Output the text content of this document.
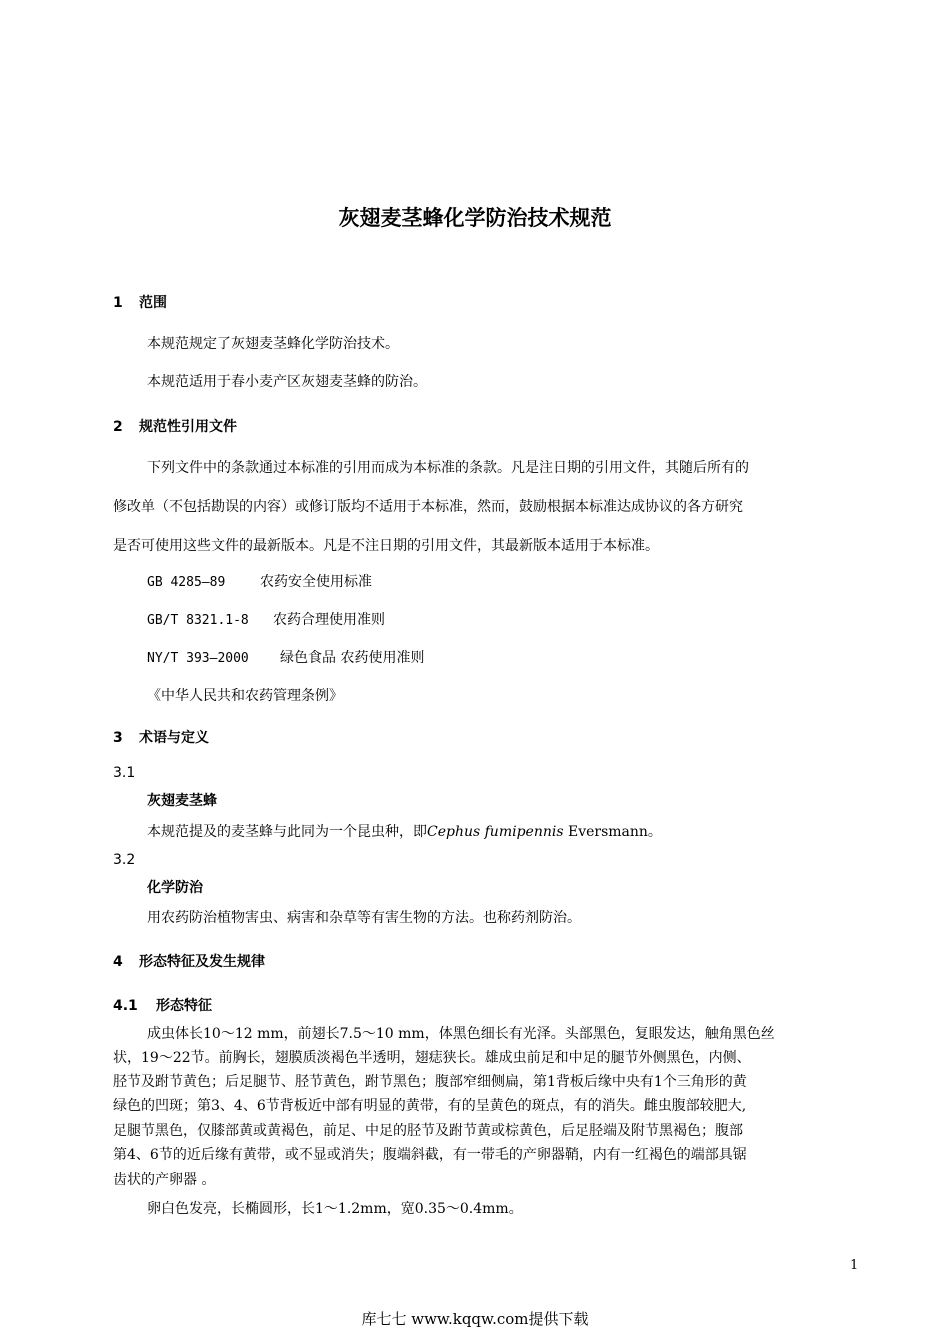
灰翅麦茎蜂化学防治技术规范
1 范围
本规范规定了灰翅麦茎蜂化学防治技术。
本规范适用于春小麦产区灰翅麦茎蜂的防治。
2 规范性引用文件
下列文件中的条款通过本标准的引用而成为本标准的条款。凡是注日期的引用文件，其随后所有的
修改单（不包括勘误的内容）或修订版均不适用于本标准，然而，鼓励根据本标准达成协议的各方研究
是否可使用这些文件的最新版本。凡是不注日期的引用文件，其最新版本适用于本标准。
GB 4285—89 农药安全使用标准
GB/T 8321.1-8 农药合理使用准则
NY/T 393—2000 绿色食品 农药使用准则
《中华人民共和农药管理条例》
3 术语与定义
3.1
灰翅麦茎蜂
本规范提及的麦茎蜂与此同为一个昆虫种，即Cephus fumipennis Eversmann。
3.2
化学防治
用农药防治植物害虫、病害和杂草等有害生物的方法。也称药剂防治。
4 形态特征及发生规律
4.1 形态特征
成虫体长10～12 mm，前翅长7.5～10 mm，体黑色细长有光泽。头部黑色，复眼发达，触角黑色丝
状，19～22节。前胸长，翅膜质淡褐色半透明，翅痣狭长。雄成虫前足和中足的腿节外侧黑色，内侧、
胫节及跗节黄色；后足腿节、胫节黄色，跗节黑色；腹部窄细侧扁，第1背板后缘中央有1个三角形的黄
绿色的凹斑；第3、4、6节背板近中部有明显的黄带，有的呈黄色的斑点，有的消失。雌虫腹部较肥大,
足腿节黑色，仅膝部黄或黄褐色，前足、中足的胫节及跗节黄或棕黄色，后足胫端及附节黑褐色；腹部
第4、6节的近后缘有黄带，或不显或消失；腹端斜截，有一带毛的产卵器鞘，内有一红褐色的端部具锯
齿状的产卵器 。
卵白色发亮，长椭圆形，长1～1.2mm，宽0.35～0.4mm。
1
库七七 www.kqqw.com提供下载
